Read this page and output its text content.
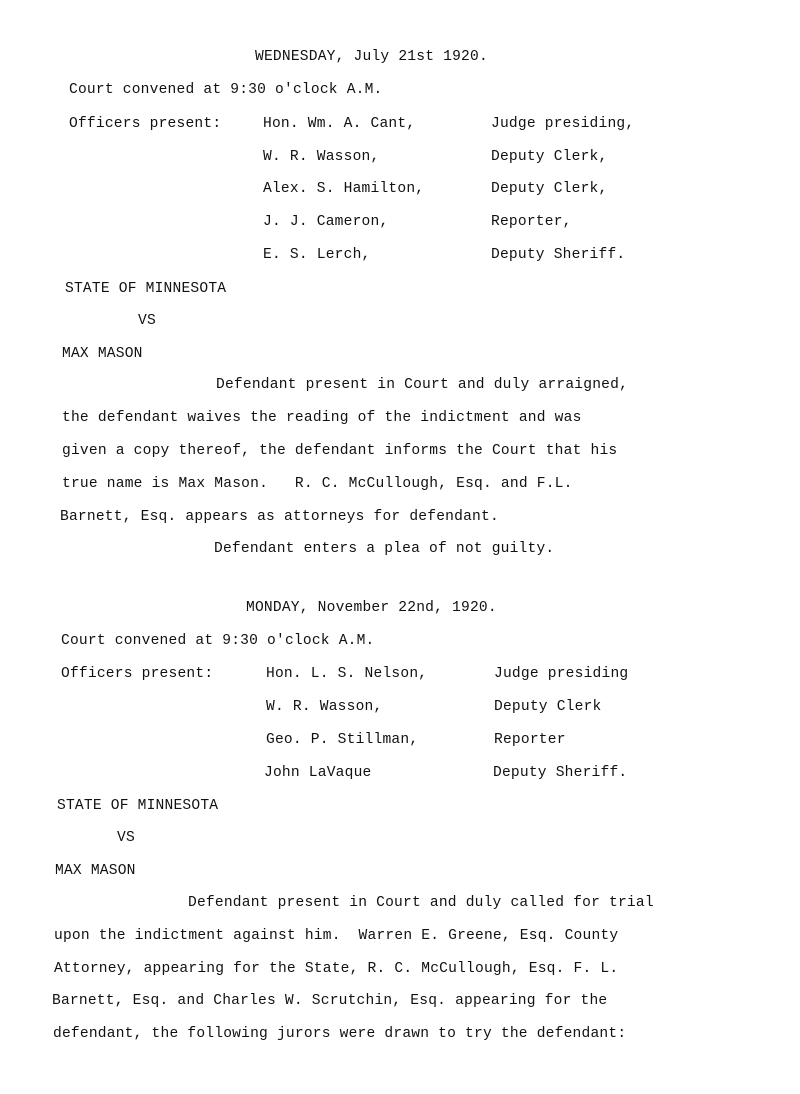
WEDNESDAY, July 21st 1920.
Court convened at 9:30 o'clock A.M.
Officers present:	Hon. Wm. A. Cant,	Judge presiding,
W. R. Wasson,	Deputy Clerk,
Alex. S. Hamilton,	Deputy Clerk,
J. J. Cameron,	Reporter,
E. S. Lerch,	Deputy Sheriff.
STATE OF MINNESOTA
VS
MAX MASON
Defendant present in Court and duly arraigned,
the defendant waives the reading of the indictment and was
given a copy thereof, the defendant informs the Court that his
true name is Max Mason.   R. C. McCullough, Esq. and F.L.
Barnett, Esq. appears as attorneys for defendant.
Defendant enters a plea of not guilty.
MONDAY, November 22nd, 1920.
Court convened at 9:30 o'clock A.M.
Officers present:	Hon. L. S. Nelson,	Judge presiding
W. R. Wasson,	Deputy Clerk
Geo. P. Stillman,	Reporter
John LaVaque	Deputy Sheriff.
STATE OF MINNESOTA
VS
MAX MASON
Defendant present in Court and duly called for trial
upon the indictment against him.  Warren E. Greene, Esq. County
Attorney, appearing for the State, R. C. McCullough, Esq. F. L.
Barnett, Esq. and Charles W. Scrutchin, Esq. appearing for the
defendant, the following jurors were drawn to try the defendant:
